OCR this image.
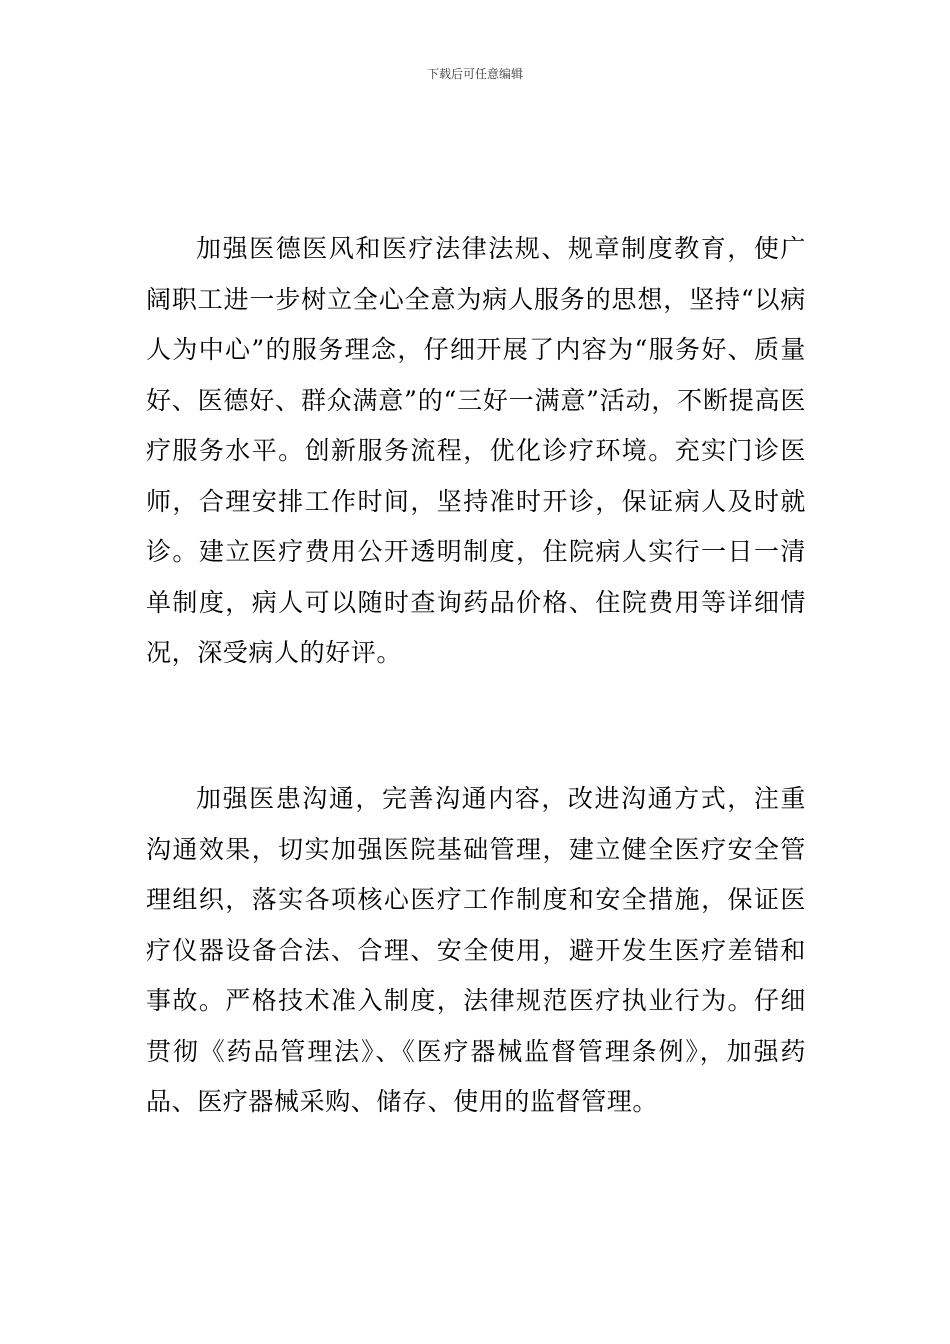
下载后可任意编辑

加强医德医风和医疗法律法规、规章制度教育，使广阔职工进一步树立全心全意为病人服务的思想，坚持“以病人为中心”的服务理念，仔细开展了内容为“服务好、质量好、医德好、群众满意”的“三好一满意”活动，不断提高医疗服务水平。创新服务流程，优化诊疗环境。充实门诊医师，合理安排工作时间，坚持准时开诊，保证病人及时就诊。建立医疗费用公开透明制度，住院病人实行一日一清单制度，病人可以随时查询药品价格、住院费用等详细情况，深受病人的好评。

加强医患沟通，完善沟通内容，改进沟通方式，注重沟通效果，切实加强医院基础管理，建立健全医疗安全管理组织，落实各项核心医疗工作制度和安全措施，保证医疗仪器设备合法、合理、安全使用，避开发生医疗差错和事故。严格技术准入制度，法律规范医疗执业行为。仔细贯彻《药品管理法》、《医疗器械监督管理条例》，加强药品、医疗器械采购、储存、使用的监督管理。
